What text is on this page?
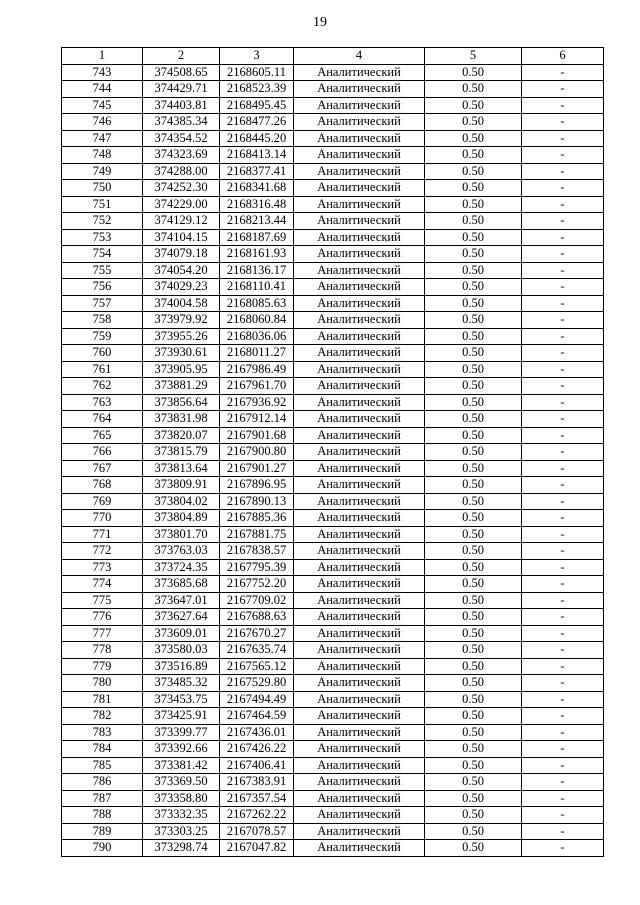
19
1	2	3	4	5	6
743	374508.65	2168605.11	Аналитический	0.50	-
744	374429.71	2168523.39	Аналитический	0.50	-
745	374403.81	2168495.45	Аналитический	0.50	-
746	374385.34	2168477.26	Аналитический	0.50	-
747	374354.52	2168445.20	Аналитический	0.50	-
748	374323.69	2168413.14	Аналитический	0.50	-
749	374288.00	2168377.41	Аналитический	0.50	-
750	374252.30	2168341.68	Аналитический	0.50	-
751	374229.00	2168316.48	Аналитический	0.50	-
752	374129.12	2168213.44	Аналитический	0.50	-
753	374104.15	2168187.69	Аналитический	0.50	-
754	374079.18	2168161.93	Аналитический	0.50	-
755	374054.20	2168136.17	Аналитический	0.50	-
756	374029.23	2168110.41	Аналитический	0.50	-
757	374004.58	2168085.63	Аналитический	0.50	-
758	373979.92	2168060.84	Аналитический	0.50	-
759	373955.26	2168036.06	Аналитический	0.50	-
760	373930.61	2168011.27	Аналитический	0.50	-
761	373905.95	2167986.49	Аналитический	0.50	-
762	373881.29	2167961.70	Аналитический	0.50	-
763	373856.64	2167936.92	Аналитический	0.50	-
764	373831.98	2167912.14	Аналитический	0.50	-
765	373820.07	2167901.68	Аналитический	0.50	-
766	373815.79	2167900.80	Аналитический	0.50	-
767	373813.64	2167901.27	Аналитический	0.50	-
768	373809.91	2167896.95	Аналитический	0.50	-
769	373804.02	2167890.13	Аналитический	0.50	-
770	373804.89	2167885.36	Аналитический	0.50	-
771	373801.70	2167881.75	Аналитический	0.50	-
772	373763.03	2167838.57	Аналитический	0.50	-
773	373724.35	2167795.39	Аналитический	0.50	-
774	373685.68	2167752.20	Аналитический	0.50	-
775	373647.01	2167709.02	Аналитический	0.50	-
776	373627.64	2167688.63	Аналитический	0.50	-
777	373609.01	2167670.27	Аналитический	0.50	-
778	373580.03	2167635.74	Аналитический	0.50	-
779	373516.89	2167565.12	Аналитический	0.50	-
780	373485.32	2167529.80	Аналитический	0.50	-
781	373453.75	2167494.49	Аналитический	0.50	-
782	373425.91	2167464.59	Аналитический	0.50	-
783	373399.77	2167436.01	Аналитический	0.50	-
784	373392.66	2167426.22	Аналитический	0.50	-
785	373381.42	2167406.41	Аналитический	0.50	-
786	373369.50	2167383.91	Аналитический	0.50	-
787	373358.80	2167357.54	Аналитический	0.50	-
788	373332.35	2167262.22	Аналитический	0.50	-
789	373303.25	2167078.57	Аналитический	0.50	-
790	373298.74	2167047.82	Аналитический	0.50	-
